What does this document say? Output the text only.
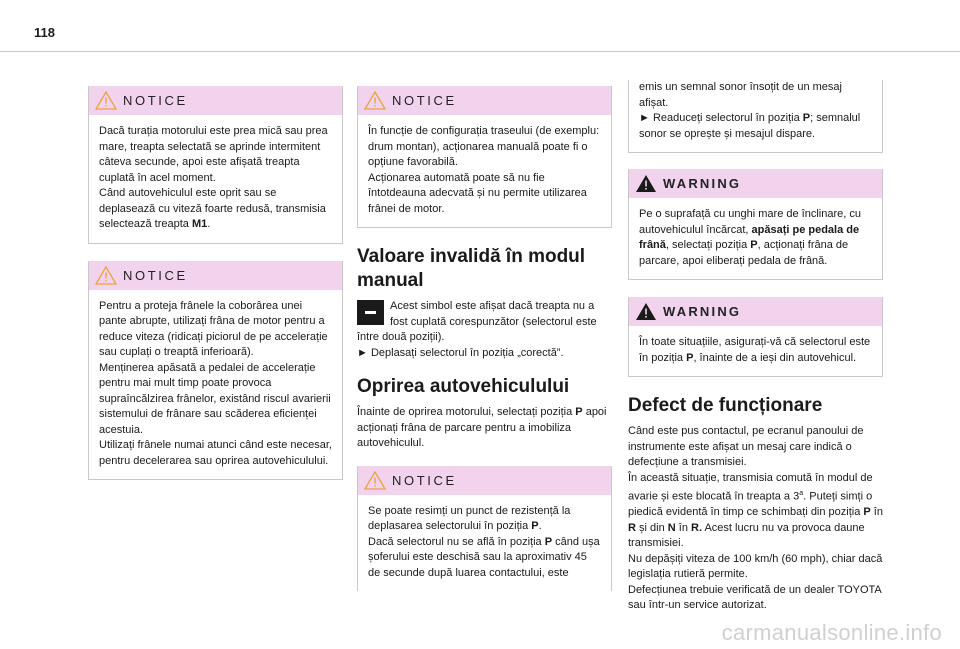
118
NOTICE

Dacă turația motorului este prea mică sau prea mare, treapta selectată se aprinde intermitent câteva secunde, apoi este afișată treapta cuplată în acel moment.

Când autovehiculul este oprit sau se deplasează cu viteză foarte redusă, transmisia selectează treapta M1.

NOTICE

Pentru a proteja frânele la coborârea unei pante abrupte, utilizați frâna de motor pentru a reduce viteza (ridicați piciorul de pe accelerație sau cuplați o treaptă inferioară).

Menținerea apăsată a pedalei de accelerație pentru mai mult timp poate provoca supraîncălzirea frânelor, existând riscul avarierii sistemului de frânare sau scăderea eficienței acestuia.

Utilizați frânele numai atunci când este necesar, pentru decelerarea sau oprirea autovehiculului.

NOTICE

În funcție de configurația traseului (de exemplu: drum montan), acționarea manuală poate fi o opțiune favorabilă.

Acționarea automată poate să nu fie întotdeauna adecvată și nu permite utilizarea frânei de motor.

Valoare invalidă în modul manual

Acest simbol este afișat dacă treapta nu a fost cuplată corespunzător (selectorul este între două poziții).

► Deplasați selectorul în poziția „corectă”.

Oprirea autovehiculului

Înainte de oprirea motorului, selectați poziția P apoi acționați frâna de parcare pentru a imobiliza autovehiculul.

NOTICE

Se poate resimți un punct de rezistență la deplasarea selectorului în poziția P.

Dacă selectorul nu se află în poziția P când ușa șoferului este deschisă sau la aproximativ 45 de secunde după luarea contactului, este

emis un semnal sonor însoțit de un mesaj afișat.

► Readuceți selectorul în poziția P; semnalul sonor se oprește și mesajul dispare.

WARNING

Pe o suprafață cu unghi mare de înclinare, cu autovehiculul încărcat, apăsați pe pedala de frână, selectați poziția P, acționați frâna de parcare, apoi eliberați pedala de frână.

WARNING

În toate situațiile, asigurați-vă că selectorul este în poziția P, înainte de a ieși din autovehicul.

Defect de funcționare

Când este pus contactul, pe ecranul panoului de instrumente este afișat un mesaj care indică o defecțiune a transmisiei.

În această situație, transmisia comută în modul de avarie și este blocată în treapta a 3$^a$. Puteți simți o piedică evidentă în timp ce schimbați din poziția P în R și din N în R. Acest lucru nu va provoca daune transmisiei.

Nu depășiți viteza de 100 km/h (60 mph), chiar dacă legislația rutieră permite.

Defecțiunea trebuie verificată de un dealer TOYOTA sau într-un service autorizat.

carmanualsonline.info
